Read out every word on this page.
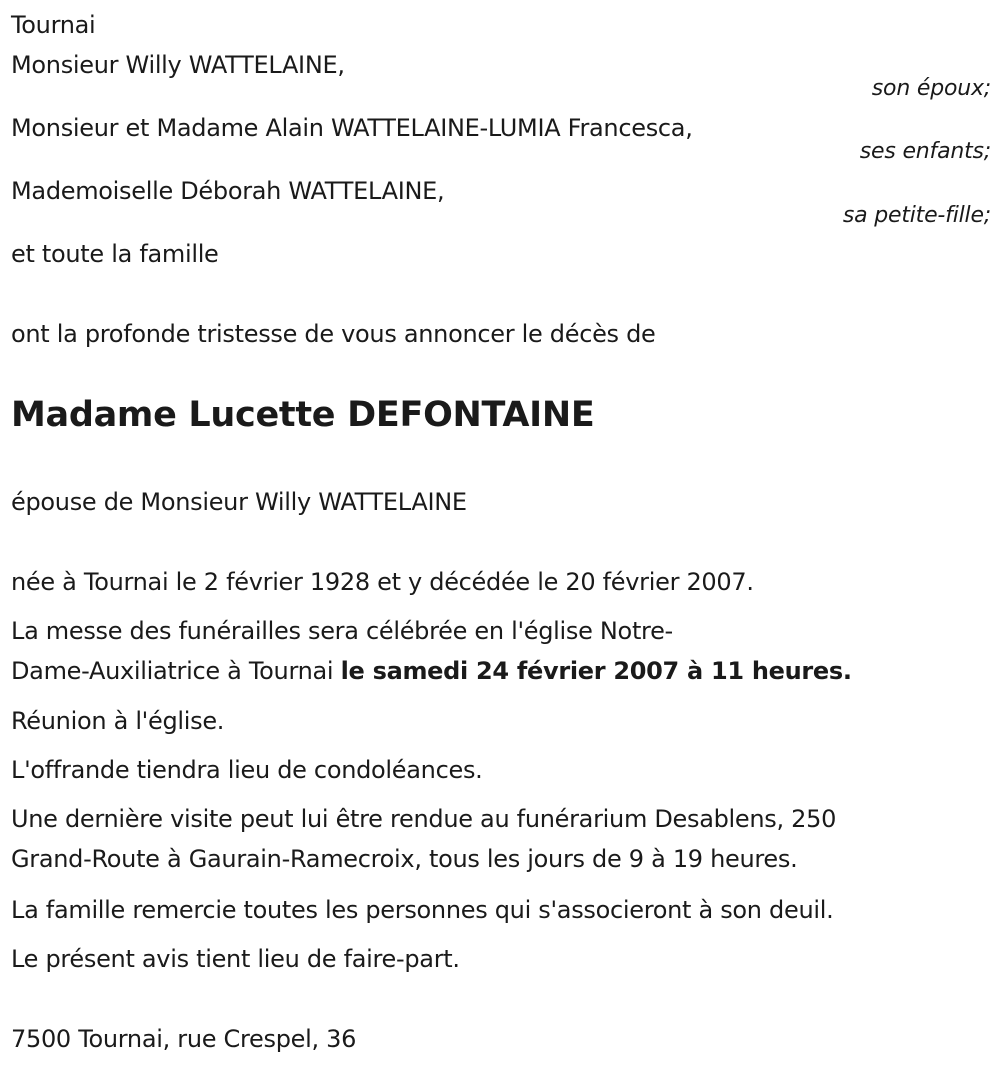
Tournai
Monsieur Willy WATTELAINE,
son époux;
Monsieur et Madame Alain WATTELAINE-LUMIA Francesca,
ses enfants;
Mademoiselle Déborah WATTELAINE,
sa petite-fille;
et toute la famille
ont la profonde tristesse de vous annoncer le décès de
Madame Lucette DEFONTAINE
épouse de Monsieur Willy WATTELAINE
née à Tournai le 2 février 1928 et y décédée le 20 février 2007.
La messe des funérailles sera célébrée en l'église Notre-
Dame-Auxiliatrice à Tournai le samedi 24 février 2007 à 11 heures.
Réunion à l'église.
L'offrande tiendra lieu de condoléances.
Une dernière visite peut lui être rendue au funérarium Desablens, 250
Grand-Route à Gaurain-Ramecroix, tous les jours de 9 à 19 heures.
La famille remercie toutes les personnes qui s'associeront à son deuil.
Le présent avis tient lieu de faire-part.
7500 Tournai, rue Crespel, 36
